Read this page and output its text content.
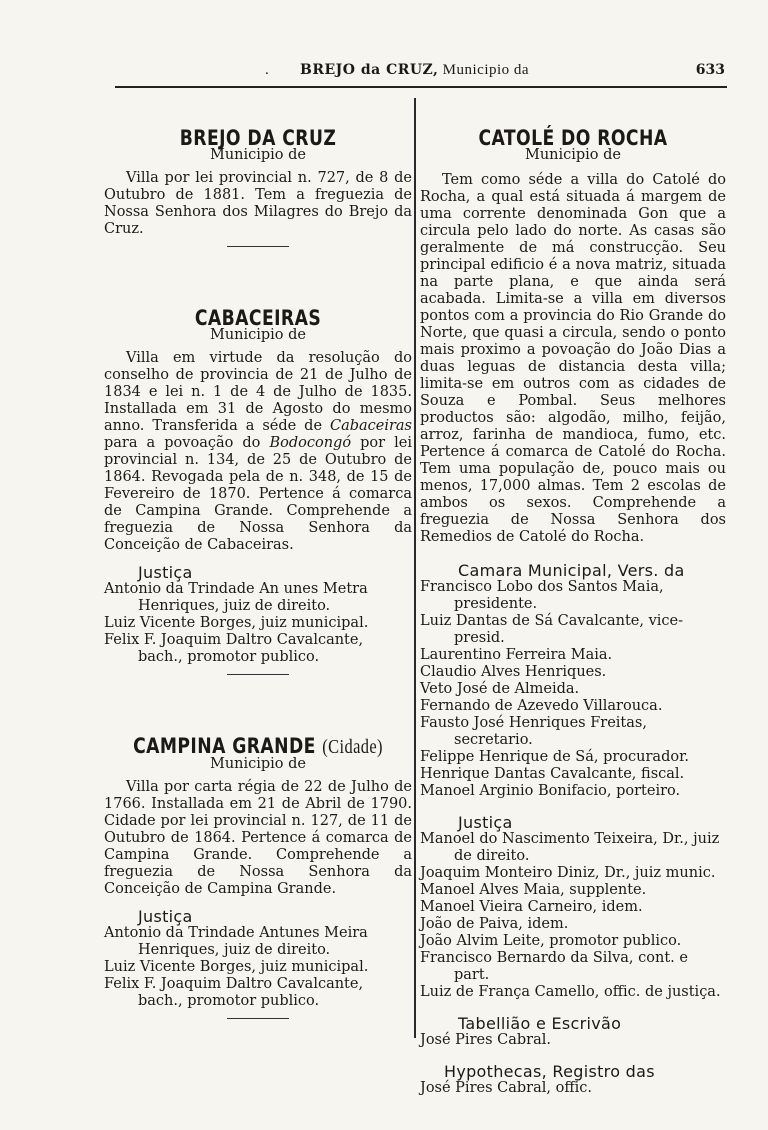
. BREJO da CRUZ, Municipio da	633
BREJO DA CRUZ
Municipio de

Villa por lei provincial n. 727, de 8 de Outubro de 1881. Tem a freguezia de Nossa Senhora dos Milagres do Brejo da Cruz.

CABACEIRAS
Municipio de

Villa em virtude da resolução do conselho de provincia de 21 de Julho de 1834 e lei n. 1 de 4 de Julho de 1835. Installada em 31 de Agosto do mesmo anno. Transferida a séde de Cabaceiras para a povoação do Bodocongó por lei provincial n. 134, de 25 de Outubro de 1864. Revogada pela de n. 348, de 15 de Fevereiro de 1870. Pertence á comarca de Campina Grande. Comprehende a freguezia de Nossa Senhora da Conceição de Cabaceiras.

Justiça

Antonio da Trindade An unes Metra Henriques, juiz de direito.

Luiz Vicente Borges, juiz municipal.

Felix F. Joaquim Daltro Cavalcante, bach., promotor publico.

CAMPINA GRANDE (Cidade)
Municipio de

Villa por carta régia de 22 de Julho de 1766. Installada em 21 de Abril de 1790. Cidade por lei provincial n. 127, de 11 de Outubro de 1864. Pertence á comarca de Campina Grande. Comprehende a freguezia de Nossa Senhora da Conceição de Campina Grande.

Justiça

Antonio da Trindade Antunes Meira Henriques, juiz de direito.

Luiz Vicente Borges, juiz municipal.

Felix F. Joaquim Daltro Cavalcante, bach., promotor publico.

CATOLÉ DO ROCHA
Municipio de

Tem como séde a villa do Catolé do Rocha, a qual está situada á margem de uma corrente denominada Gon que a circula pelo lado do norte. As casas são geralmente de má construcção. Seu principal edificio é a nova matriz, situada na parte plana, e que ainda será acabada. Limita-se a villa em diversos pontos com a provincia do Rio Grande do Norte, que quasi a circula, sendo o ponto mais proximo a povoação do João Dias a duas leguas de distancia desta villa; limita-se em outros com as cidades de Souza e Pombal. Seus melhores productos são: algodão, milho, feijão, arroz, farinha de mandioca, fumo, etc. Pertence á comarca de Catolé do Rocha. Tem uma população de, pouco mais ou menos, 17,000 almas. Tem 2 escolas de ambos os sexos. Comprehende a freguezia de Nossa Senhora dos Remedios de Catolé do Rocha.

Camara Municipal, Vers. da

Francisco Lobo dos Santos Maia, presidente.

Luiz Dantas de Sá Cavalcante, vice-presid.

Laurentino Ferreira Maia.

Claudio Alves Henriques.

Veto José de Almeida.

Fernando de Azevedo Villarouca.

Fausto José Henriques Freitas, secretario.

Felippe Henrique de Sá, procurador.

Henrique Dantas Cavalcante, fiscal.

Manoel Arginio Bonifacio, porteiro.

Justiça

Manoel do Nascimento Teixeira, Dr., juiz de direito.

Joaquim Monteiro Diniz, Dr., juiz munic.

Manoel Alves Maia, supplente.

Manoel Vieira Carneiro, idem.

João de Paiva, idem.

João Alvim Leite, promotor publico.

Francisco Bernardo da Silva, cont. e part.

Luiz de França Camello, offic. de justiça.

Tabellião e Escrivão

José Pires Cabral.

Hypothecas, Registro das

José Pires Cabral, offic.
